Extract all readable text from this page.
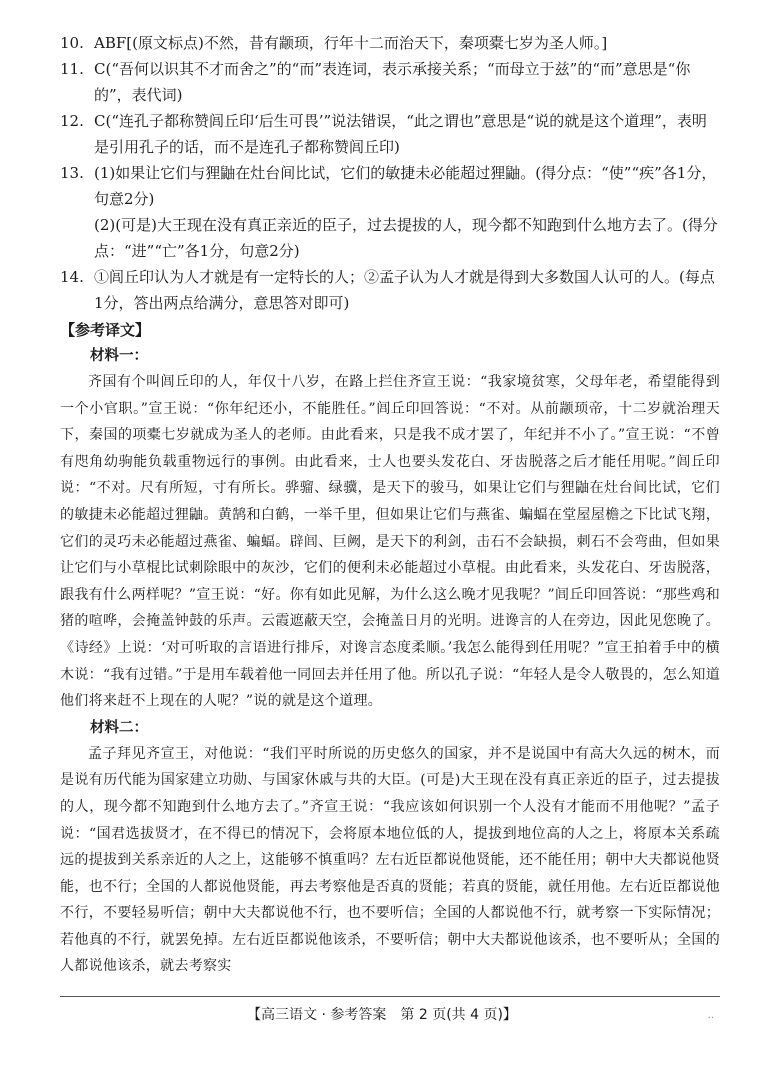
10. ABF[(原文标点)不然，昔有颛顼，行年十二而治天下，秦项橐七岁为圣人师。]
11. C(“吾何以识其不才而舍之”的“而”表连词，表示承接关系；“而母立于兹”的“而”意思是“你的”，表代词)
12. C(“连孔子都称赞闾丘印‘后生可畏’”说法错误，“此之谓也”意思是“说的就是这个道理”，表明是引用孔子的话，而不是连孔子都称赞闾丘印)
13. (1)如果让它们与狸鼬在灶台间比试，它们的敏捷未必能超过狸鼬。(得分点：“使”“疾”各1分，句意2分)
(2)(可是)大王现在没有真正亲近的臣子，过去提拔的人，现今都不知跑到什么地方去了。(得分点：“进”“亡”各1分，句意2分)
14. ①闾丘印认为人才就是有一定特长的人；②孟子认为人才就是得到大多数国人认可的人。(每点1分，答出两点给满分，意思答对即可)
【参考译文】
材料一：
齐国有个叫闾丘印的人，年仅十八岁，在路上拦住齐宣王说：“我家境贫寒，父母年老，希望能得到一个小官职。”宣王说：“你年纪还小，不能胜任。”闾丘印回答说：“不对。从前颛顼帝，十二岁就治理天下，秦国的项橐七岁就成为圣人的老师。由此看来，只是我不成才罢了，年纪并不小了。”宣王说：“不曾有咫角幼驹能负载重物远行的事例。由此看来，士人也要头发花白、牙齿脱落之后才能任用呢。”闾丘印说：“不对。尺有所短，寸有所长。骅骝、绿骥，是天下的骏马，如果让它们与狸鼬在灶台间比试，它们的敏捷未必能超过狸鼬。黄鹄和白鹤，一举千里，但如果让它们与燕雀、蝙蝠在堂屋屋檐之下比试飞翔，它们的灵巧未必能超过燕雀、蝙蝠。辟闾、巨阙，是天下的利剑，击石不会缺损，刺石不会弯曲，但如果让它们与小草棍比试刺除眼中的灰沙，它们的便利未必能超过小草棍。由此看来，头发花白、牙齿脱落，跟我有什么两样呢？”宣王说：“好。你有如此见解，为什么这么晚才见我呢？”闾丘印回答说：“那些鸡和猪的喧哗，会掩盖钟鼓的乐声。云霞遮蔽天空，会掩盖日月的光明。进谗言的人在旁边，因此见您晚了。《诗经》上说：‘对可听取的言语进行排斥，对谗言态度柔顺。’我怎么能得到任用呢？”宣王拍着手中的横木说：“我有过错。”于是用车载着他一同回去并任用了他。所以孔子说：“年轻人是令人敬畏的，怎么知道他们将来赶不上现在的人呢？”说的就是这个道理。
材料二：
孟子拜见齐宣王，对他说：“我们平时所说的历史悠久的国家，并不是说国中有高大久远的树木，而是说有历代能为国家建立功勋、与国家休戚与共的大臣。(可是)大王现在没有真正亲近的臣子，过去提拔的人，现今都不知跑到什么地方去了。”齐宣王说：“我应该如何识别一个人没有才能而不用他呢？”孟子说：“国君选拔贤才，在不得已的情况下，会将原本地位低的人，提拔到地位高的人之上，将原本关系疏远的提拔到关系亲近的人之上，这能够不慎重吗？左右近臣都说他贤能，还不能任用；朝中大夫都说他贤能，也不行；全国的人都说他贤能，再去考察他是否真的贤能；若真的贤能，就任用他。左右近臣都说他不行，不要轻易听信；朝中大夫都说他不行，也不要听信；全国的人都说他不行，就考察一下实际情况；若他真的不行，就罢免掉。左右近臣都说他该杀，不要听信；朝中大夫都说他该杀，也不要听从；全国的人都说他该杀，就去考察实
【高三语文 · 参考答案　第 2 页(共 4 页)】	..
